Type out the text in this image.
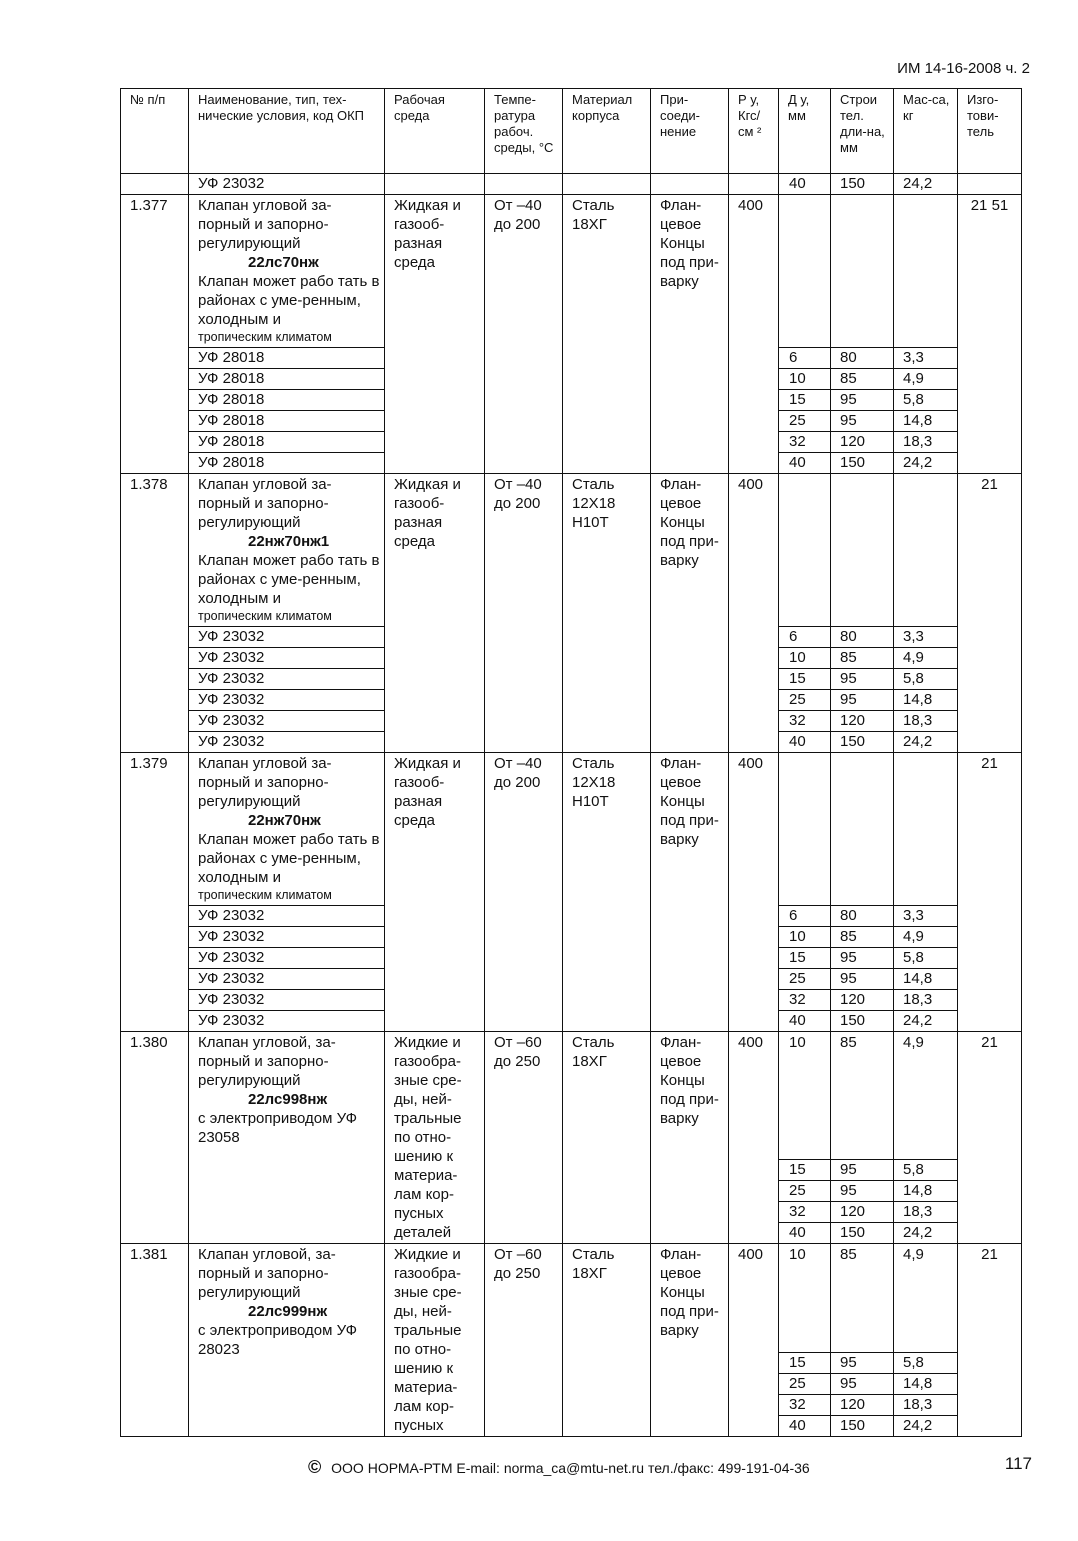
ИМ 14-16-2008 ч. 2
№ п/п	Наименование, тип, тех-нические условия, код ОКП	Рабочая среда	Темпе-ратура рабоч. среды, °С	Материал корпуса	При-соеди-нение	Р у, Кгс/ см ²	Д у, мм	Строи тел. дли-на, мм	Мас-са, кг	Изго-тови-тель
	УФ 23032						40	150	24,2	
1.377	Клапан угловой за-порный и запорно-регулирующий
22лс70нж
Клапан может рабо тать в районах с уме-ренным, холодным и
тропическим климатом	Жидкая и газооб-разная среда	От –40 до 200	Сталь 18ХГ	Флан-цевое Концы под при-варку	400				21 51
	УФ 28018						6	80	3,3	
	УФ 28018						10	85	4,9	
	УФ 28018						15	95	5,8	
	УФ 28018						25	95	14,8	
	УФ 28018						32	120	18,3	
	УФ 28018						40	150	24,2	
1.378	Клапан угловой за-порный и запорно-регулирующий
22нж70нж1
Клапан может рабо тать в районах с уме-ренным, холодным и
тропическим климатом	Жидкая и газооб-разная среда	От –40 до 200	Сталь 12Х18 Н10Т	Флан-цевое Концы под при-варку	400				21
	УФ 23032						6	80	3,3	
	УФ 23032						10	85	4,9	
	УФ 23032						15	95	5,8	
	УФ 23032						25	95	14,8	
	УФ 23032						32	120	18,3	
	УФ 23032						40	150	24,2	
1.379	Клапан угловой за-порный и запорно-регулирующий
22нж70нж
Клапан может рабо тать в районах с уме-ренным, холодным и
тропическим климатом	Жидкая и газооб-разная среда	От –40 до 200	Сталь 12Х18 Н10Т	Флан-цевое Концы под при-варку	400				21
	УФ 23032						6	80	3,3	
	УФ 23032						10	85	4,9	
	УФ 23032						15	95	5,8	
	УФ 23032						25	95	14,8	
	УФ 23032						32	120	18,3	
	УФ 23032						40	150	24,2	
1.380	Клапан угловой, за-порный и запорно-регулирующий
22лс998нж
с электроприводом УФ 23058	Жидкие и газообра-зные сре-ды, ней-тральные по отно-шению к материа-лам кор-пусных деталей	От –60 до 250	Сталь 18ХГ	Флан-цевое Концы под при-варку	400	10	85	4,9	21
							15	95	5,8	
							25	95	14,8	
							32	120	18,3	
							40	150	24,2	
1.381	Клапан угловой, за-порный и запорно-регулирующий
22лс999нж
с электроприводом УФ 28023	Жидкие и газообра-зные сре-ды, ней-тральные по отно-шению к материа-лам кор-пусных	От –60 до 250	Сталь 18ХГ	Флан-цевое Концы под при-варку	400	10	85	4,9	21
							15	95	5,8	
							25	95	14,8	
							32	120	18,3	
							40	150	24,2	
© ООО НОРМА-РТМ E-mail: norma_ca@mtu-net.ru тел./факс: 499-191-04-36	117
